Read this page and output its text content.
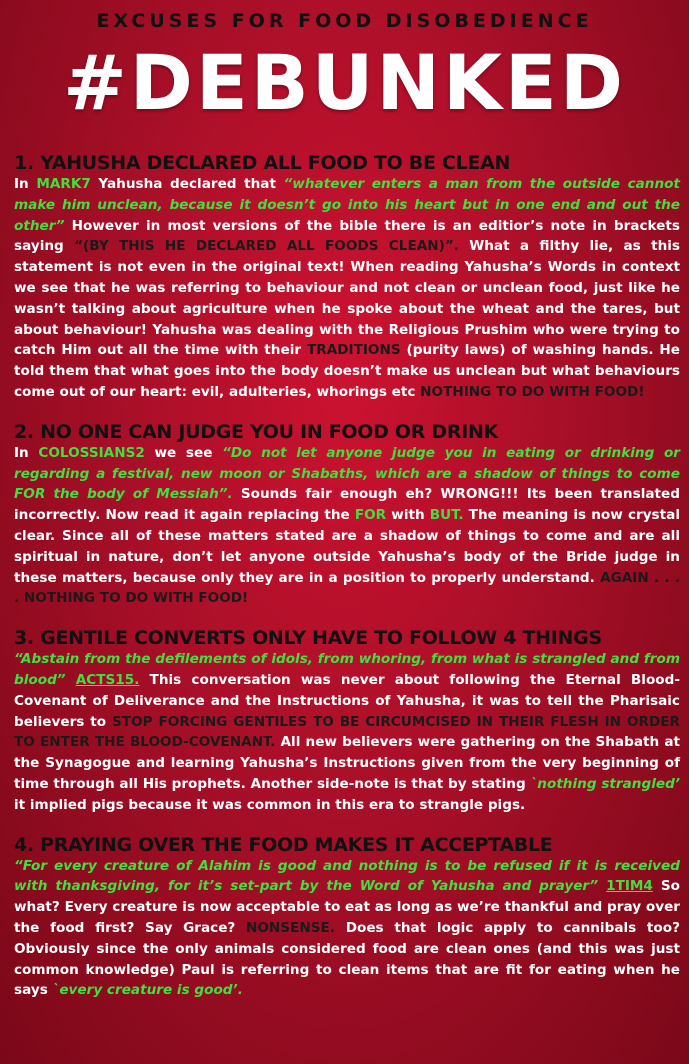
EXCUSES FOR FOOD DISOBEDIENCE
#DEBUNKED

1. YAHUSHA DECLARED ALL FOOD TO BE CLEAN

In MARK7 Yahusha declared that “whatever enters a man from the outside cannot make him unclean, because it doesn’t go into his heart but in one end and out the other” However in most versions of the bible there is an editior’s note in brackets saying “(BY THIS HE DECLARED ALL FOODS CLEAN)”. What a filthy lie, as this statement is not even in the original text! When reading Yahusha’s Words in context we see that he was referring to behaviour and not clean or unclean food, just like he wasn’t talking about agriculture when he spoke about the wheat and the tares, but about behaviour! Yahusha was dealing with the Religious Prushim who were trying to catch Him out all the time with their TRADITIONS (purity laws) of washing hands. He told them that what goes into the body doesn’t make us unclean but what behaviours come out of our heart: evil, adulteries, whorings etc NOTHING TO DO WITH FOOD!

2. NO ONE CAN JUDGE YOU IN FOOD OR DRINK

In COLOSSIANS2 we see “Do not let anyone judge you in eating or drinking or regarding a festival, new moon or Shabaths, which are a shadow of things to come FOR the body of Messiah”. Sounds fair enough eh? WRONG!!! Its been translated incorrectly. Now read it again replacing the FOR with BUT. The meaning is now crystal clear. Since all of these matters stated are a shadow of things to come and are all spiritual in nature, don’t let anyone outside Yahusha’s body of the Bride judge in these matters, because only they are in a position to properly understand. AGAIN . . . . NOTHING TO DO WITH FOOD!

3. GENTILE CONVERTS ONLY HAVE TO FOLLOW 4 THINGS

“Abstain from the defilements of idols, from whoring, from what is strangled and from blood” ACTS15. This conversation was never about following the Eternal Blood-Covenant of Deliverance and the Instructions of Yahusha, it was to tell the Pharisaic believers to STOP FORCING GENTILES TO BE CIRCUMCISED IN THEIR FLESH IN ORDER TO ENTER THE BLOOD-COVENANT. All new believers were gathering on the Shabath at the Synagogue and learning Yahusha’s Instructions given from the very beginning of time through all His prophets. Another side-note is that by stating `nothing strangled’ it implied pigs because it was common in this era to strangle pigs.

4. PRAYING OVER THE FOOD MAKES IT ACCEPTABLE

“For every creature of Alahim is good and nothing is to be refused if it is received with thanksgiving, for it’s set-part by the Word of Yahusha and prayer” 1TIM4 So what? Every creature is now acceptable to eat as long as we’re thankful and pray over the food first? Say Grace? NONSENSE. Does that logic apply to cannibals too? Obviously since the only animals considered food are clean ones (and this was just common knowledge) Paul is referring to clean items that are fit for eating when he says `every creature is good’.
